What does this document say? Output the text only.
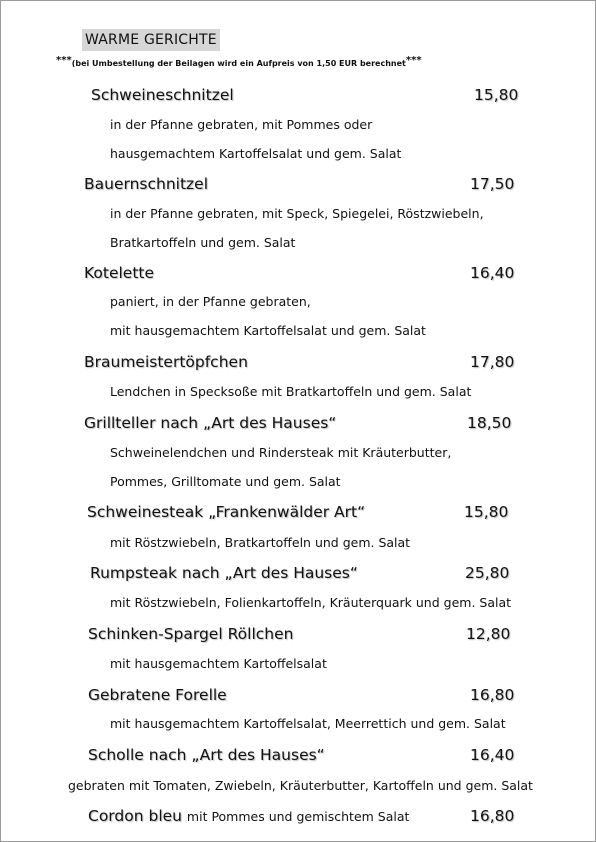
WARME GERICHTE
***(bei Umbestellung der Beilagen wird ein Aufpreis von 1,50 EUR berechnet***
Schweineschnitzel	15,80
in der Pfanne gebraten, mit Pommes oder
hausgemachtem Kartoffelsalat und gem. Salat
Bauernschnitzel	17,50
in der Pfanne gebraten, mit Speck, Spiegelei, Röstzwiebeln,
Bratkartoffeln und gem. Salat
Kotelette	16,40
paniert, in der Pfanne gebraten,
mit hausgemachtem Kartoffelsalat und gem. Salat
Braumeistertöpfchen	17,80
Lendchen in Specksoße mit Bratkartoffeln und gem. Salat
Grillteller nach „Art des Hauses“	18,50
Schweinelendchen und Rindersteak mit Kräuterbutter,
Pommes, Grilltomate und gem. Salat
Schweinesteak „Frankenwälder Art“	15,80
mit Röstzwiebeln, Bratkartoffeln und gem. Salat
Rumpsteak nach „Art des Hauses“	25,80
mit Röstzwiebeln, Folienkartoffeln, Kräuterquark und gem. Salat
Schinken-Spargel Röllchen	12,80
mit hausgemachtem Kartoffelsalat
Gebratene Forelle	16,80
mit hausgemachtem Kartoffelsalat, Meerrettich und gem. Salat
Scholle nach „Art des Hauses“	16,40
gebraten mit Tomaten, Zwiebeln, Kräuterbutter, Kartoffeln und gem. Salat
Cordon bleu mit Pommes und gemischtem Salat	16,80
